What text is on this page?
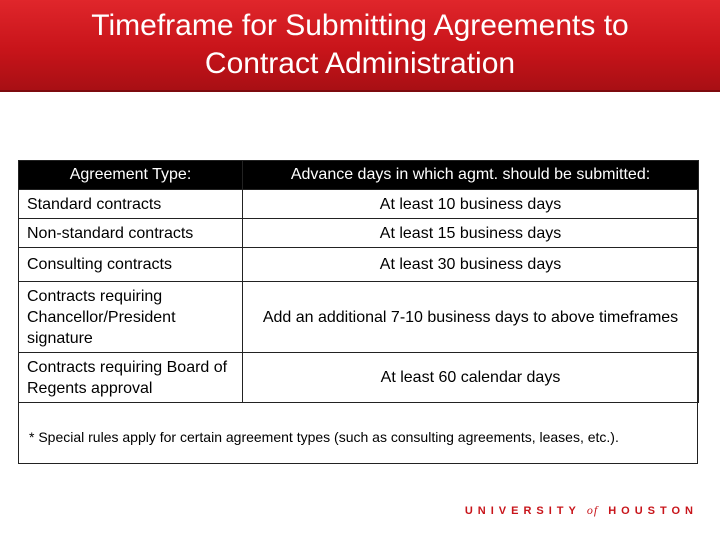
Timeframe for Submitting Agreements to Contract Administration
Agreement Type:	Advance days in which agmt. should be submitted:
Standard contracts	At least 10 business days
Non-standard contracts	At least 15 business days
Consulting contracts	At least 30 business days
Contracts requiring Chancellor/President signature	Add an additional 7-10 business days to above timeframes
Contracts requiring Board of Regents approval	At least 60 calendar days
* Special rules apply for certain agreement types (such as consulting agreements, leases, etc.).
UNIVERSITY of HOUSTON
